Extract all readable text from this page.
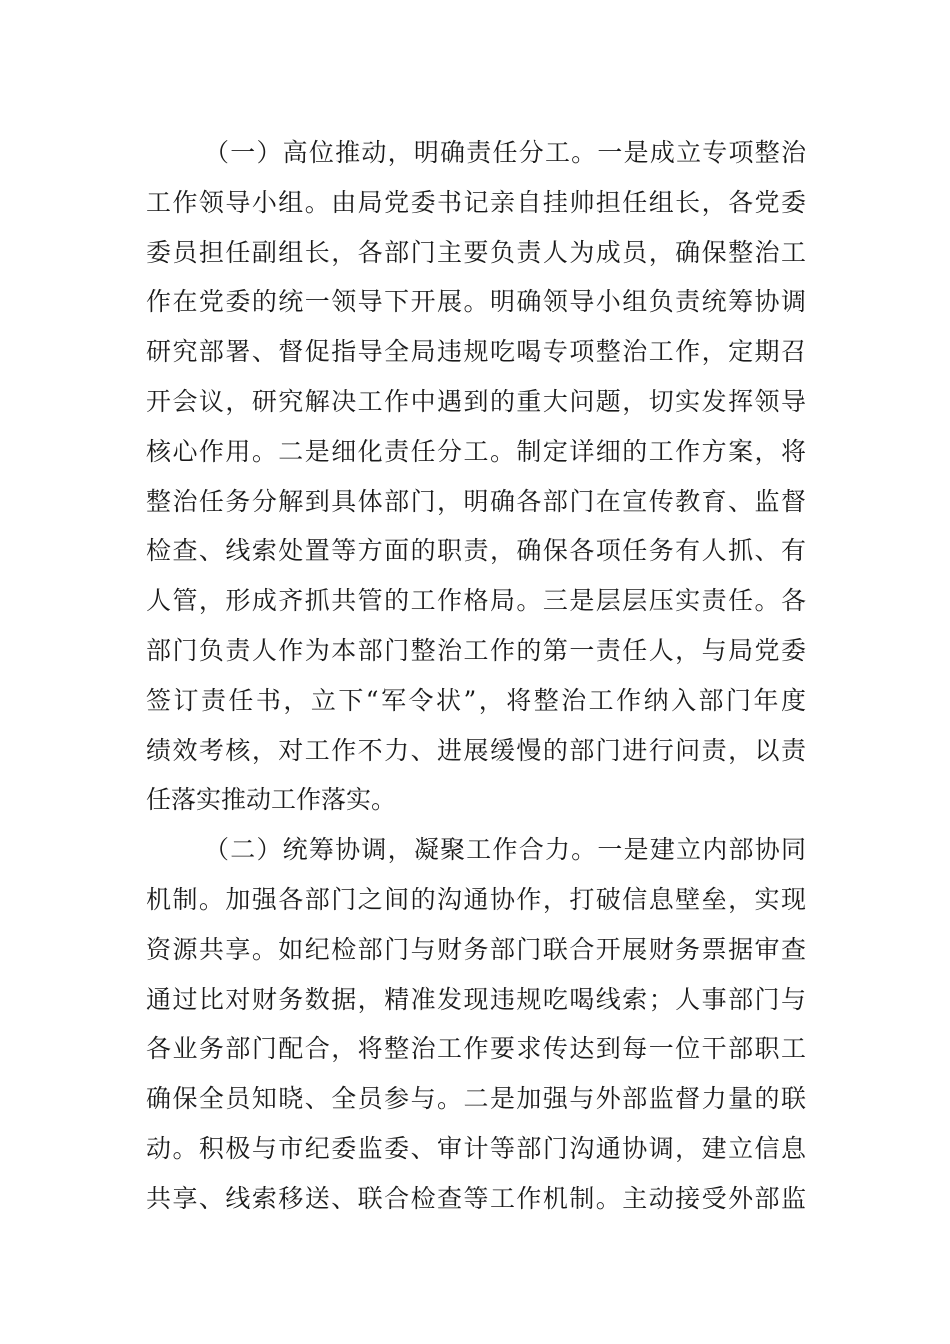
（一）高位推动，明确责任分工。一是成立专项整治
工作领导小组。由局党委书记亲自挂帅担任组长，各党委
委员担任副组长，各部门主要负责人为成员，确保整治工
作在党委的统一领导下开展。明确领导小组负责统筹协调
研究部署、督促指导全局违规吃喝专项整治工作，定期召
开会议，研究解决工作中遇到的重大问题，切实发挥领导
核心作用。二是细化责任分工。制定详细的工作方案，将
整治任务分解到具体部门，明确各部门在宣传教育、监督
检查、线索处置等方面的职责，确保各项任务有人抓、有
人管，形成齐抓共管的工作格局。三是层层压实责任。各
部门负责人作为本部门整治工作的第一责任人，与局党委
签订责任书，立下“军令状”，将整治工作纳入部门年度
绩效考核，对工作不力、进展缓慢的部门进行问责，以责
任落实推动工作落实。
（二）统筹协调，凝聚工作合力。一是建立内部协同
机制。加强各部门之间的沟通协作，打破信息壁垒，实现
资源共享。如纪检部门与财务部门联合开展财务票据审查
通过比对财务数据，精准发现违规吃喝线索；人事部门与
各业务部门配合，将整治工作要求传达到每一位干部职工
确保全员知晓、全员参与。二是加强与外部监督力量的联
动。积极与市纪委监委、审计等部门沟通协调，建立信息
共享、线索移送、联合检查等工作机制。主动接受外部监
